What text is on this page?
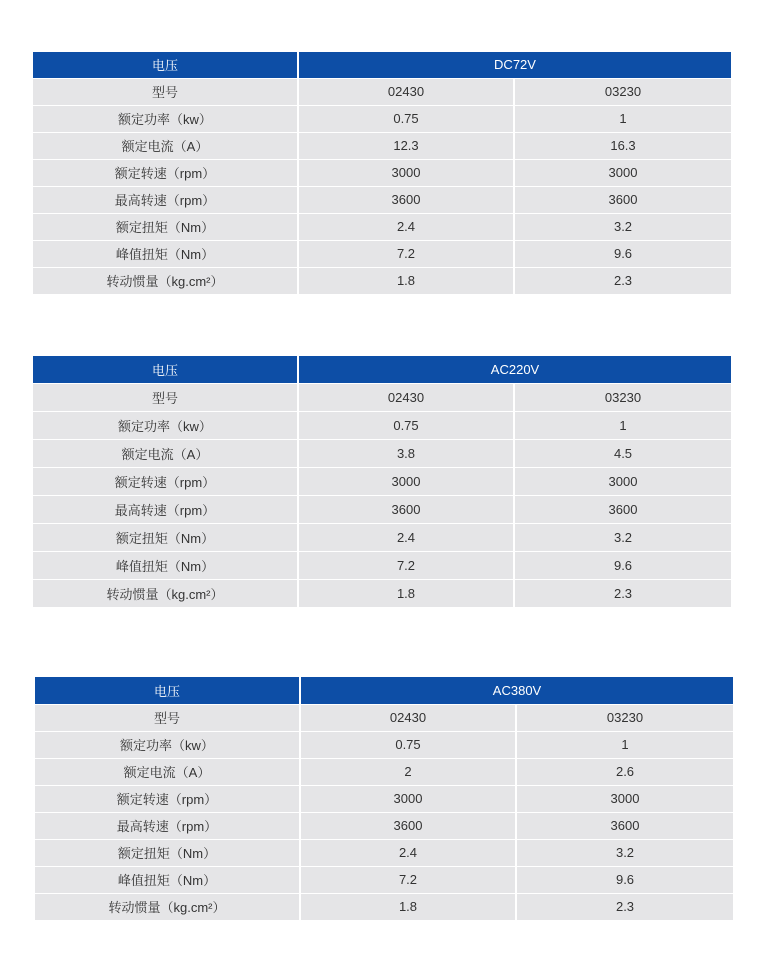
电压	DC72V	
型号	02430	03230
额定功率（kw）	0.75	1
额定电流（A）	12.3	16.3
额定转速（rpm）	3000	3000
最高转速（rpm）	3600	3600
额定扭矩（Nm）	2.4	3.2
峰值扭矩（Nm）	7.2	9.6
转动惯量（kg.cm²）	1.8	2.3
电压	AC220V	
型号	02430	03230
额定功率（kw）	0.75	1
额定电流（A）	3.8	4.5
额定转速（rpm）	3000	3000
最高转速（rpm）	3600	3600
额定扭矩（Nm）	2.4	3.2
峰值扭矩（Nm）	7.2	9.6
转动惯量（kg.cm²）	1.8	2.3
电压	AC380V	
型号	02430	03230
额定功率（kw）	0.75	1
额定电流（A）	2	2.6
额定转速（rpm）	3000	3000
最高转速（rpm）	3600	3600
额定扭矩（Nm）	2.4	3.2
峰值扭矩（Nm）	7.2	9.6
转动惯量（kg.cm²）	1.8	2.3
